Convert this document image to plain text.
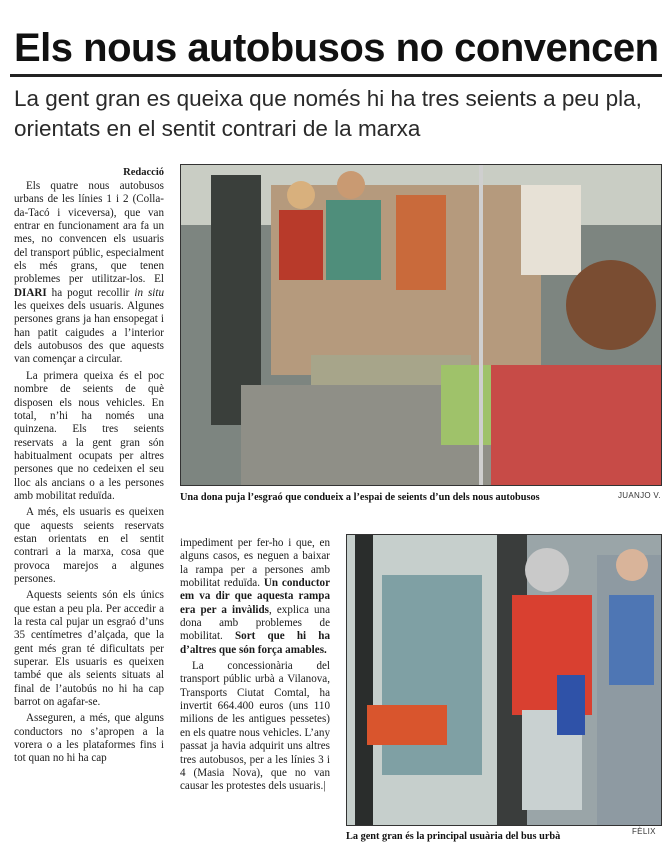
Els nous autobusos no convencen
La gent gran es queixa que només hi ha tres seients a peu pla, orientats en el sentit contrari de la marxa
Redacció

Els quatre nous autobusos urbans de les línies 1 i 2 (Colla-da-Tacó i viceversa), que van entrar en funcionament ara fa un mes, no convencen els usuaris del transport públic, especialment els més grans, que tenen problemes per utilitzar-los. El DIARI ha pogut recollir in situ les queixes dels usuaris. Algunes persones grans ja han ensopegat i han patit caigudes a l’interior dels autobusos des que aquests van començar a circular.

La primera queixa és el poc nombre de seients de què disposen els nous vehicles. En total, n’hi ha només una quinzena. Els tres seients reservats a la gent gran són habitualment ocupats per altres persones que no cedeixen el seu lloc als ancians o a les persones amb mobilitat reduïda.

A més, els usuaris es queixen que aquests seients reservats estan orientats en el sentit contrari a la marxa, cosa que provoca marejos a algunes persones.

Aquests seients són els únics que estan a peu pla. Per accedir a la resta cal pujar un esgraó d’uns 35 centímetres d’alçada, que la gent més gran té dificultats per superar. Els usuaris es queixen també que als seients situats al final de l’autobús no hi ha cap barrot on agafar-se.

Asseguren, a més, que alguns conductors no s’apropen a la vorera o a les plataformes fins i tot quan no hi ha cap

Una dona puja l’esgraó que condueix a l’espai de seients d’un dels nous autobusos	JUANJO V.

impediment per fer-ho i que, en alguns casos, es neguen a baixar la rampa per a persones amb mobilitat reduïda. Un conductor em va dir que aquesta rampa era per a invàlids, explica una dona amb problemes de mobilitat. Sort que hi ha d’altres que són força amables.

La concessionària del transport públic urbà a Vilanova, Transports Ciutat Comtal, ha invertit 664.400 euros (uns 110 milions de les antigues pessetes) en els quatre nous vehicles. L’any passat ja havia adquirit uns altres tres autobusos, per a les línies 3 i 4 (Masia Nova), que no van causar les protestes dels usuaris.|

La gent gran és la principal usuària del bus urbà	FÈLIX
